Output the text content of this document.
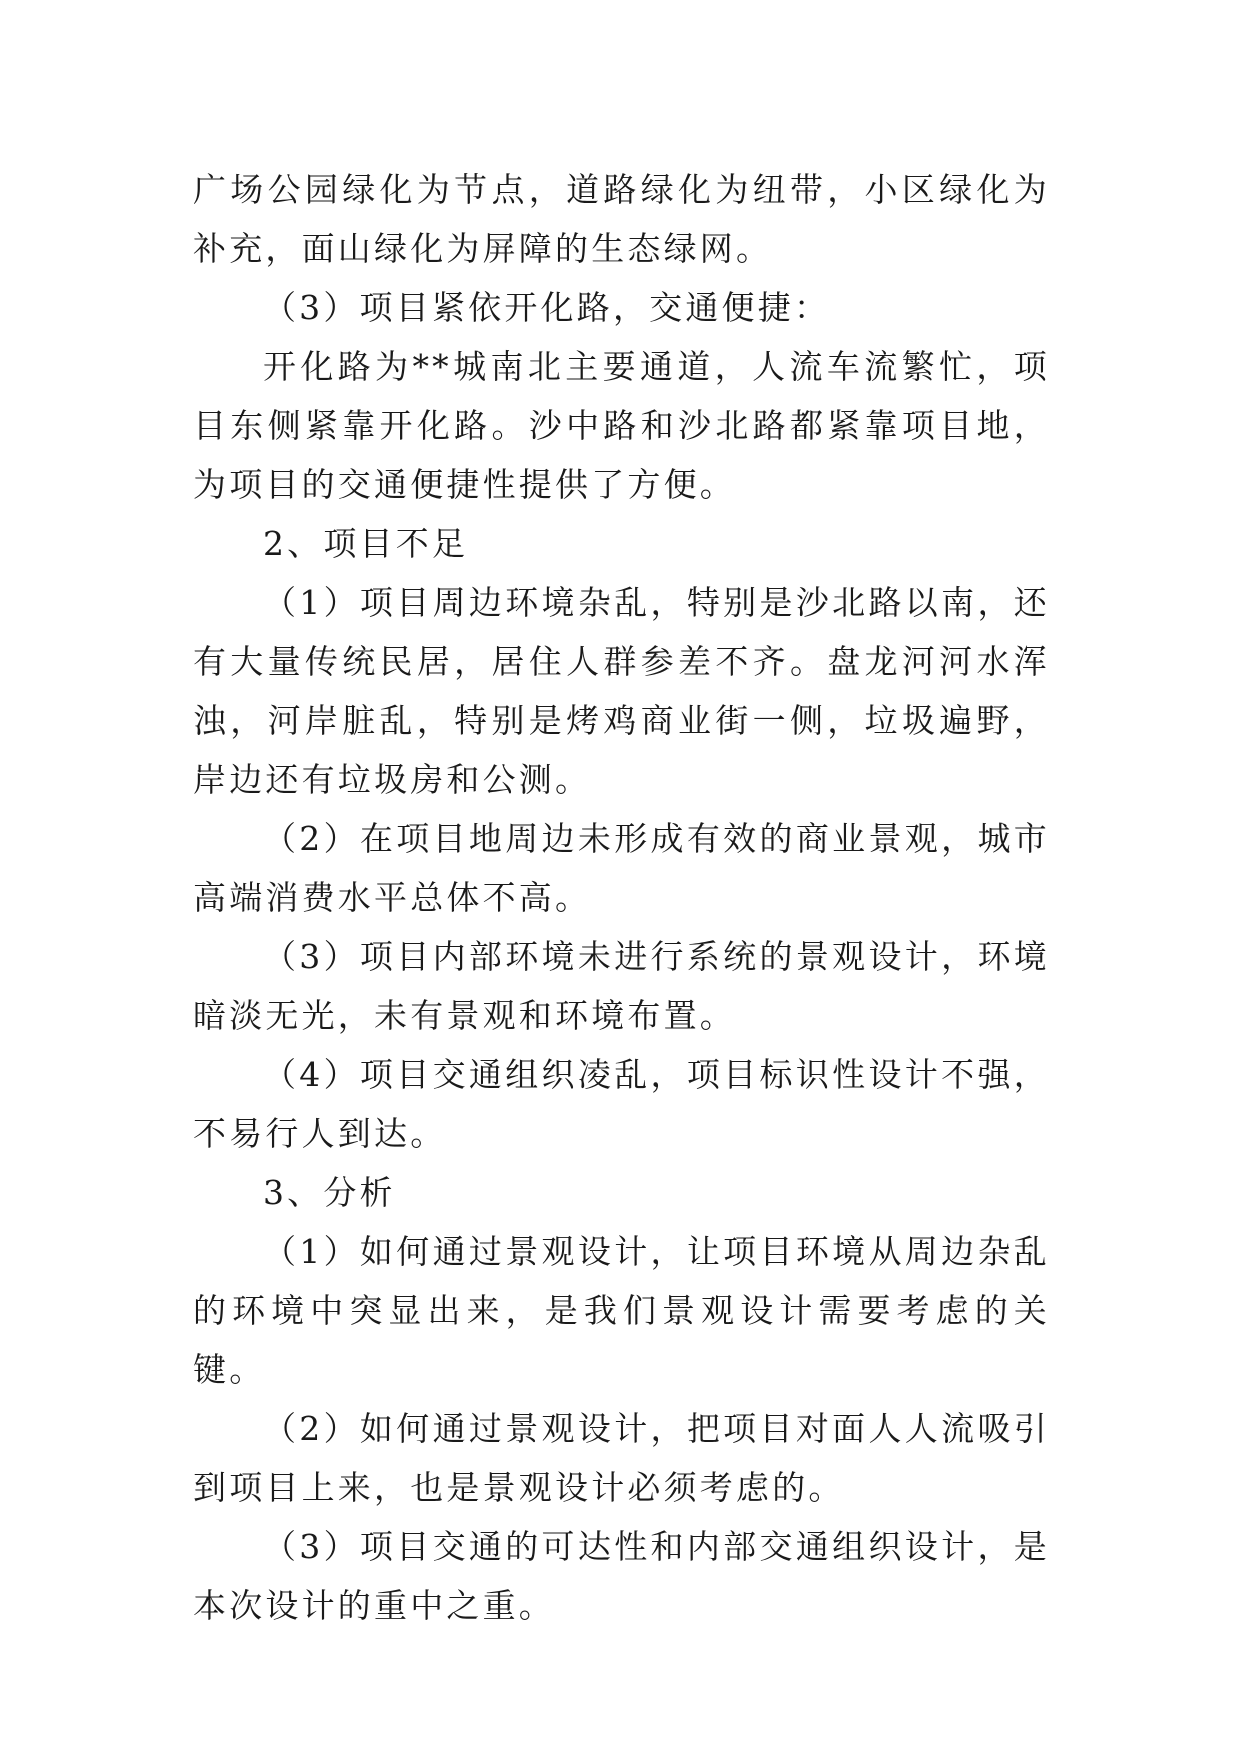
广场公园绿化为节点，道路绿化为纽带，小区绿化为补充，面山绿化为屏障的生态绿网。

（3）项目紧依开化路，交通便捷：

开化路为**城南北主要通道，人流车流繁忙，项目东侧紧靠开化路。沙中路和沙北路都紧靠项目地，为项目的交通便捷性提供了方便。

2、项目不足

（1）项目周边环境杂乱，特别是沙北路以南，还有大量传统民居，居住人群参差不齐。盘龙河河水浑浊，河岸脏乱，特别是烤鸡商业街一侧，垃圾遍野，岸边还有垃圾房和公测。

（2）在项目地周边未形成有效的商业景观，城市高端消费水平总体不高。

（3）项目内部环境未进行系统的景观设计，环境暗淡无光，未有景观和环境布置。

（4）项目交通组织凌乱，项目标识性设计不强，不易行人到达。

3、分析

（1）如何通过景观设计，让项目环境从周边杂乱的环境中突显出来，是我们景观设计需要考虑的关键。

（2）如何通过景观设计，把项目对面人人流吸引到项目上来，也是景观设计必须考虑的。

（3）项目交通的可达性和内部交通组织设计，是本次设计的重中之重。
